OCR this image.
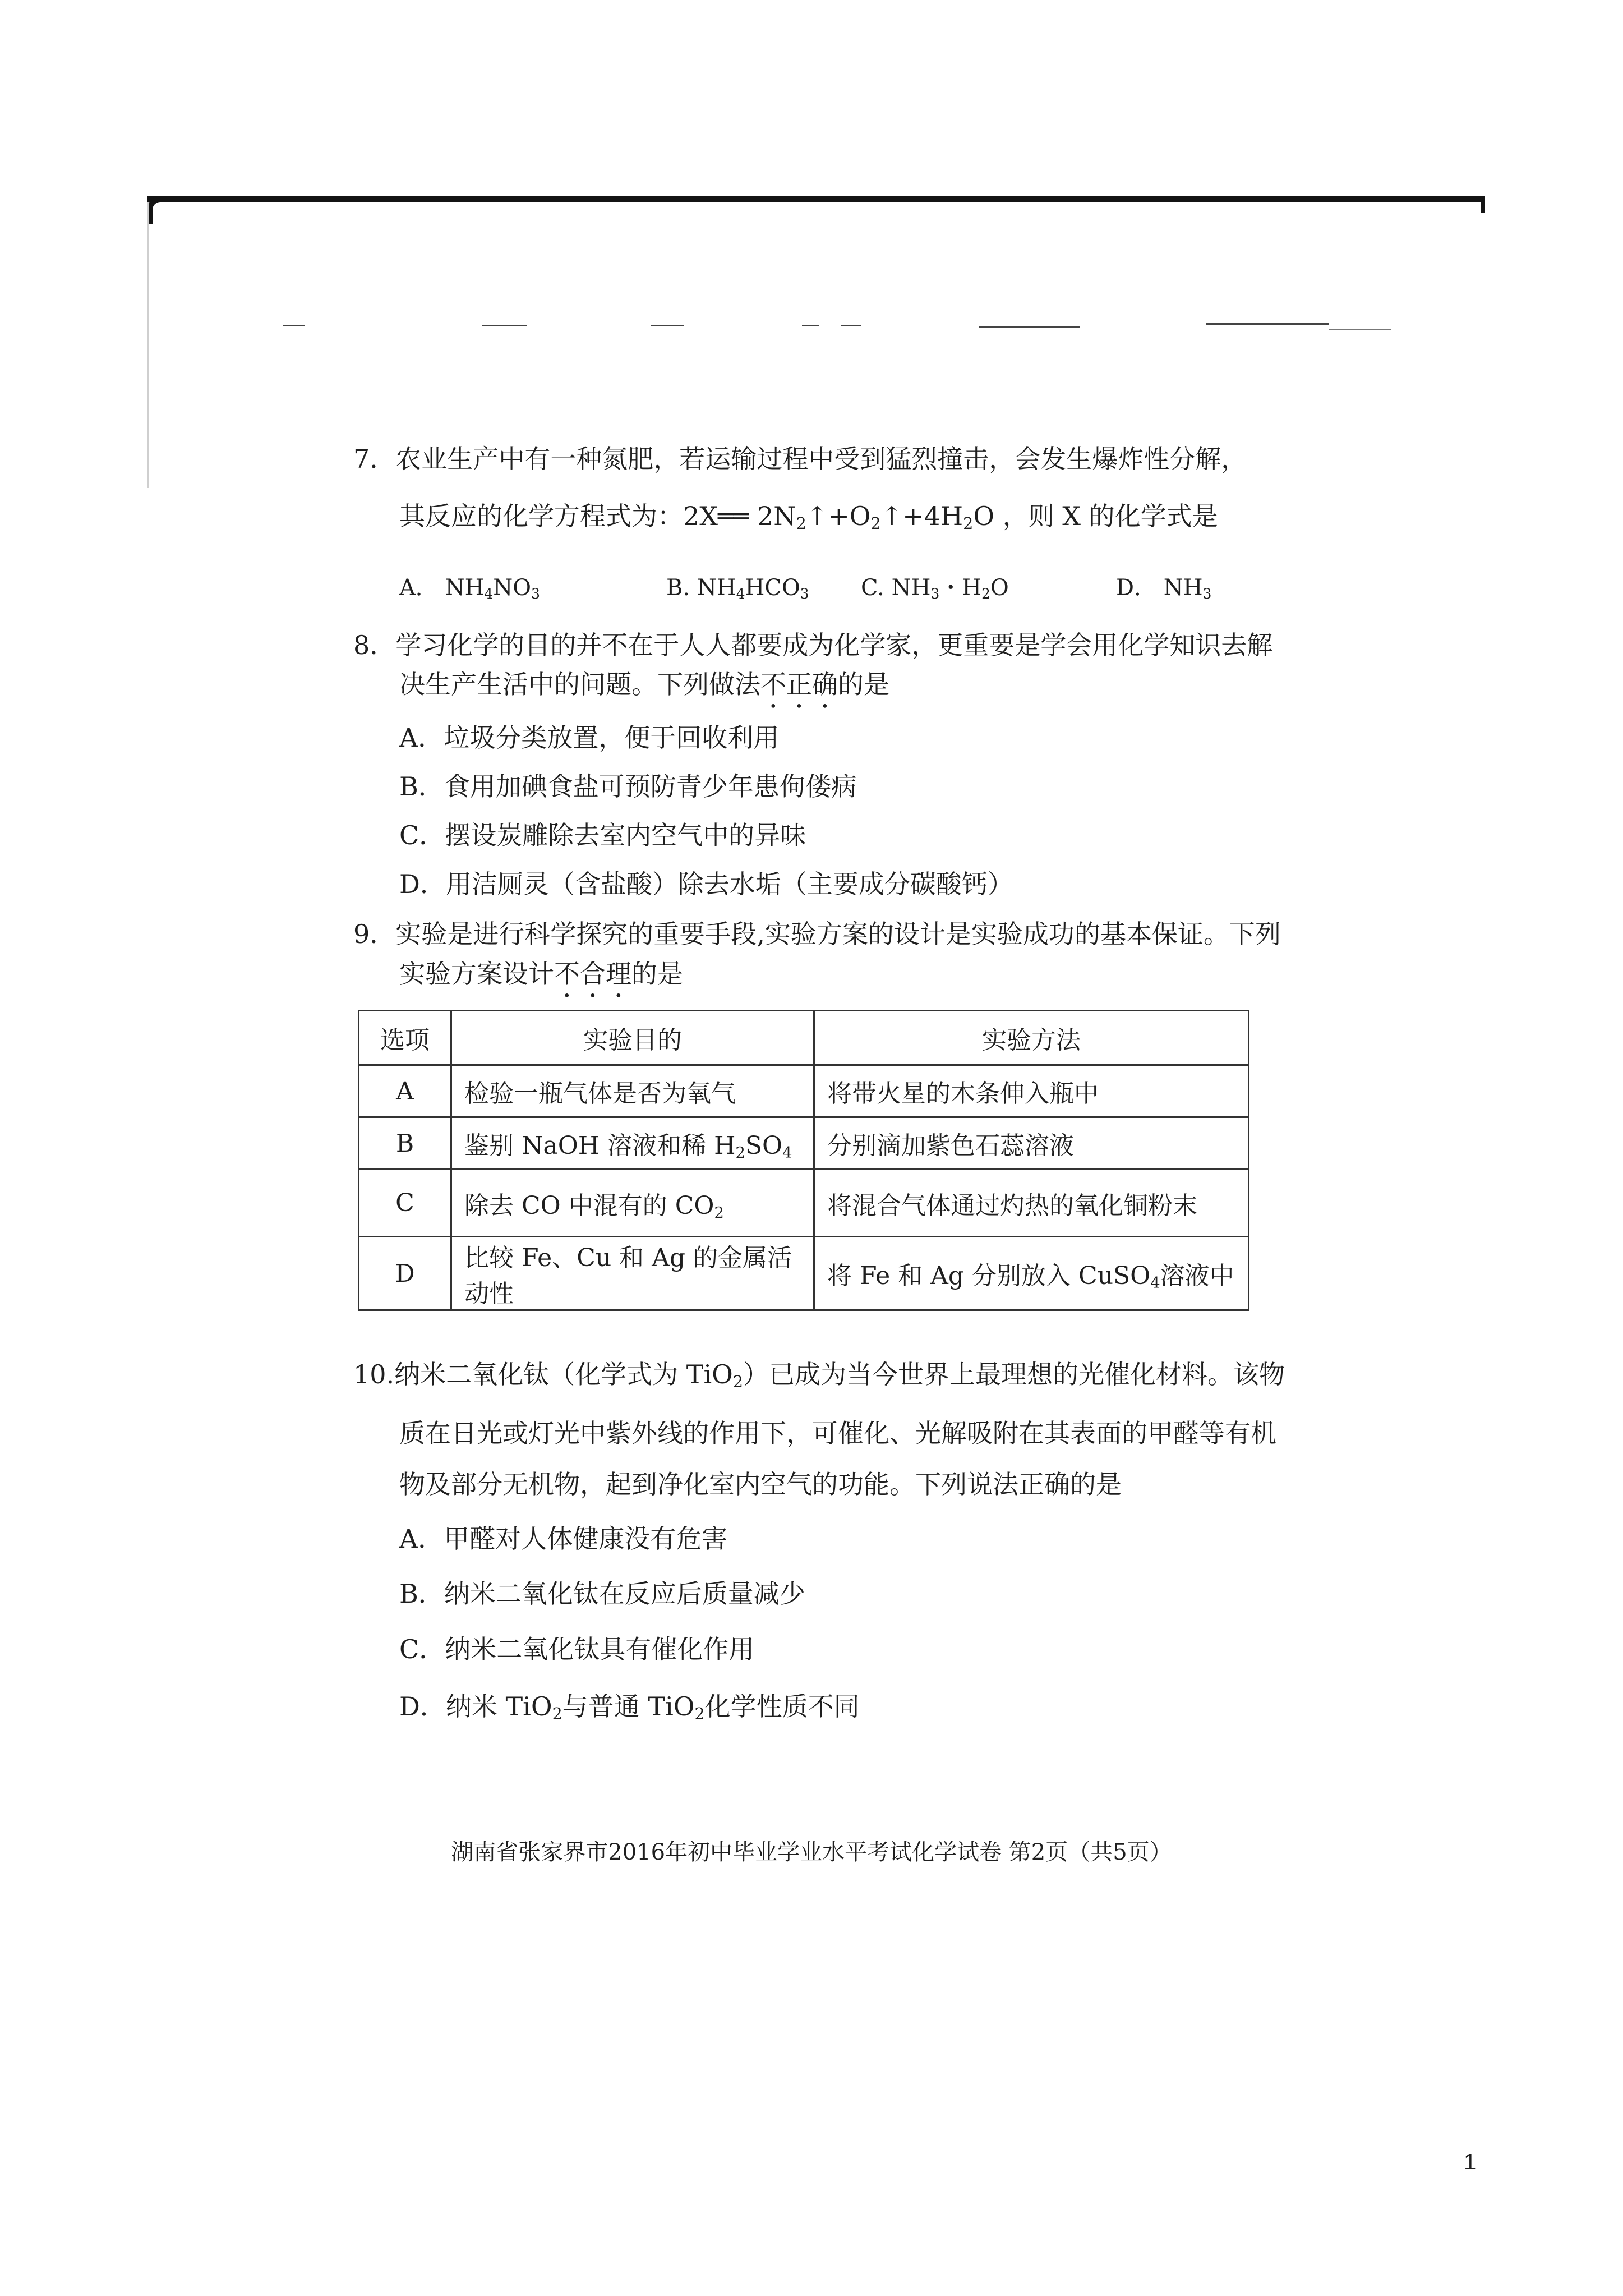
7．农业生产中有一种氮肥，若运输过程中受到猛烈撞击，会发生爆炸性分解，
其反应的化学方程式为：2X══ $2N_2↑+O_2↑+4H_2O$ ，则 X 的化学式是
A． $NH_4NO_3$	B. $NH_4HCO_3$ C. $NH_3$・$H_2O$	D． $NH_3$
8．学习化学的目的并不在于人人都要成为化学家，更重要是学会用化学知识去解
决生产生活中的问题。下列做法不正确的是
A．垃圾分类放置，便于回收利用
B．食用加碘食盐可预防青少年患佝偻病
C．摆设炭雕除去室内空气中的异味
D．用洁厕灵（含盐酸）除去水垢（主要成分碳酸钙）
9．实验是进行科学探究的重要手段,实验方案的设计是实验成功的基本保证。下列
实验方案设计不合理的是
选项	实验目的	实验方法
A	检验一瓶气体是否为氧气	将带火星的木条伸入瓶中
B	鉴别 NaOH 溶液和稀 $H_2SO_4$	分别滴加紫色石蕊溶液
C	除去 CO 中混有的 $CO_2$	将混合气体通过灼热的氧化铜粉末
D	比较 Fe、Cu 和 Ag 的金属活动性	将 Fe 和 Ag 分别放入 CuSO$_4$溶液中
10.纳米二氧化钛（化学式为 TiO$_2$）已成为当今世界上最理想的光催化材料。该物
质在日光或灯光中紫外线的作用下，可催化、光解吸附在其表面的甲醛等有机
物及部分无机物，起到净化室内空气的功能。下列说法正确的是
A．甲醛对人体健康没有危害
B．纳米二氧化钛在反应后质量减少
C．纳米二氧化钛具有催化作用
D．纳米 TiO$_2$与普通 TiO$_2$化学性质不同
湖南省张家界市2016年初中毕业学业水平考试化学试卷 第2页（共5页）
1
